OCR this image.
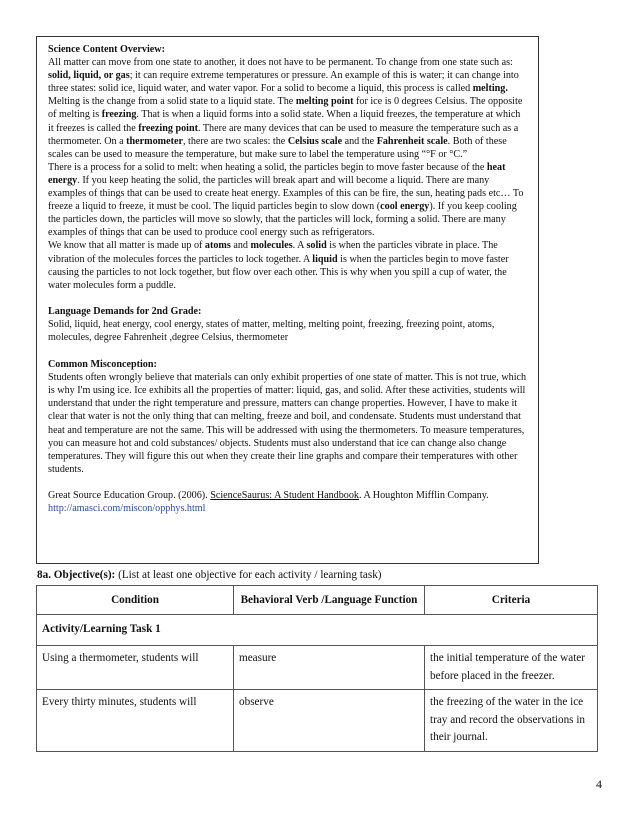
Science Content Overview:

All matter can move from one state to another, it does not have to be permanent. To change from one state such as: solid, liquid, or gas; it can require extreme temperatures or pressure. An example of this is water; it can change into three states: solid ice, liquid water, and water vapor. For a solid to become a liquid, this process is called melting. Melting is the change from a solid state to a liquid state. The melting point for ice is 0 degrees Celsius. The opposite of melting is freezing. That is when a liquid forms into a solid state. When a liquid freezes, the temperature at which it freezes is called the freezing point. There are many devices that can be used to measure the temperature such as a thermometer. On a thermometer, there are two scales: the Celsius scale and the Fahrenheit scale. Both of these scales can be used to measure the temperature, but make sure to label the temperature using “°F or °C.”

There is a process for a solid to melt: when heating a solid, the particles begin to move faster because of the heat energy. If you keep heating the solid, the particles will break apart and will become a liquid. There are many examples of things that can be used to create heat energy. Examples of this can be fire, the sun, heating pads etc… To freeze a liquid to freeze, it must be cool. The liquid particles begin to slow down (cool energy). If you keep cooling the particles down, the particles will move so slowly, that the particles will lock, forming a solid. There are many examples of things that can be used to produce cool energy such as refrigerators.

We know that all matter is made up of atoms and molecules. A solid is when the particles vibrate in place. The vibration of the molecules forces the particles to lock together. A liquid is when the particles begin to move faster causing the particles to not lock together, but flow over each other. This is why when you spill a cup of water, the water molecules form a puddle.

Language Demands for 2nd Grade:

Solid, liquid, heat energy, cool energy, states of matter, melting, melting point, freezing, freezing point, atoms, molecules, degree Fahrenheit ,degree Celsius, thermometer

Common Misconception:

Students often wrongly believe that materials can only exhibit properties of one state of matter. This is not true, which is why I'm using ice. Ice exhibits all the properties of matter: liquid, gas, and solid. After these activities, students will understand that under the right temperature and pressure, matters can change properties. However, I have to make it clear that water is not the only thing that can melting, freeze and boil, and condensate. Students must understand that heat and temperature are not the same. This will be addressed with using the thermometers. To measure temperatures, you can measure hot and cold substances/ objects. Students must also understand that ice can change also change temperatures. They will figure this out when they create their line graphs and compare their temperatures with other students.

Great Source Education Group. (2006). ScienceSaurus: A Student Handbook. A Houghton Mifflin Company.

http://amasci.com/miscon/opphys.html

8a. Objective(s): (List at least one objective for each activity / learning task)
Condition	Behavioral Verb /Language Function	Criteria
Activity/Learning Task 1		
Using a thermometer, students will	measure	the initial temperature of the water before placed in the freezer.
Every thirty minutes, students will	observe	the freezing of the water in the ice tray and record the observations in their journal.
4
